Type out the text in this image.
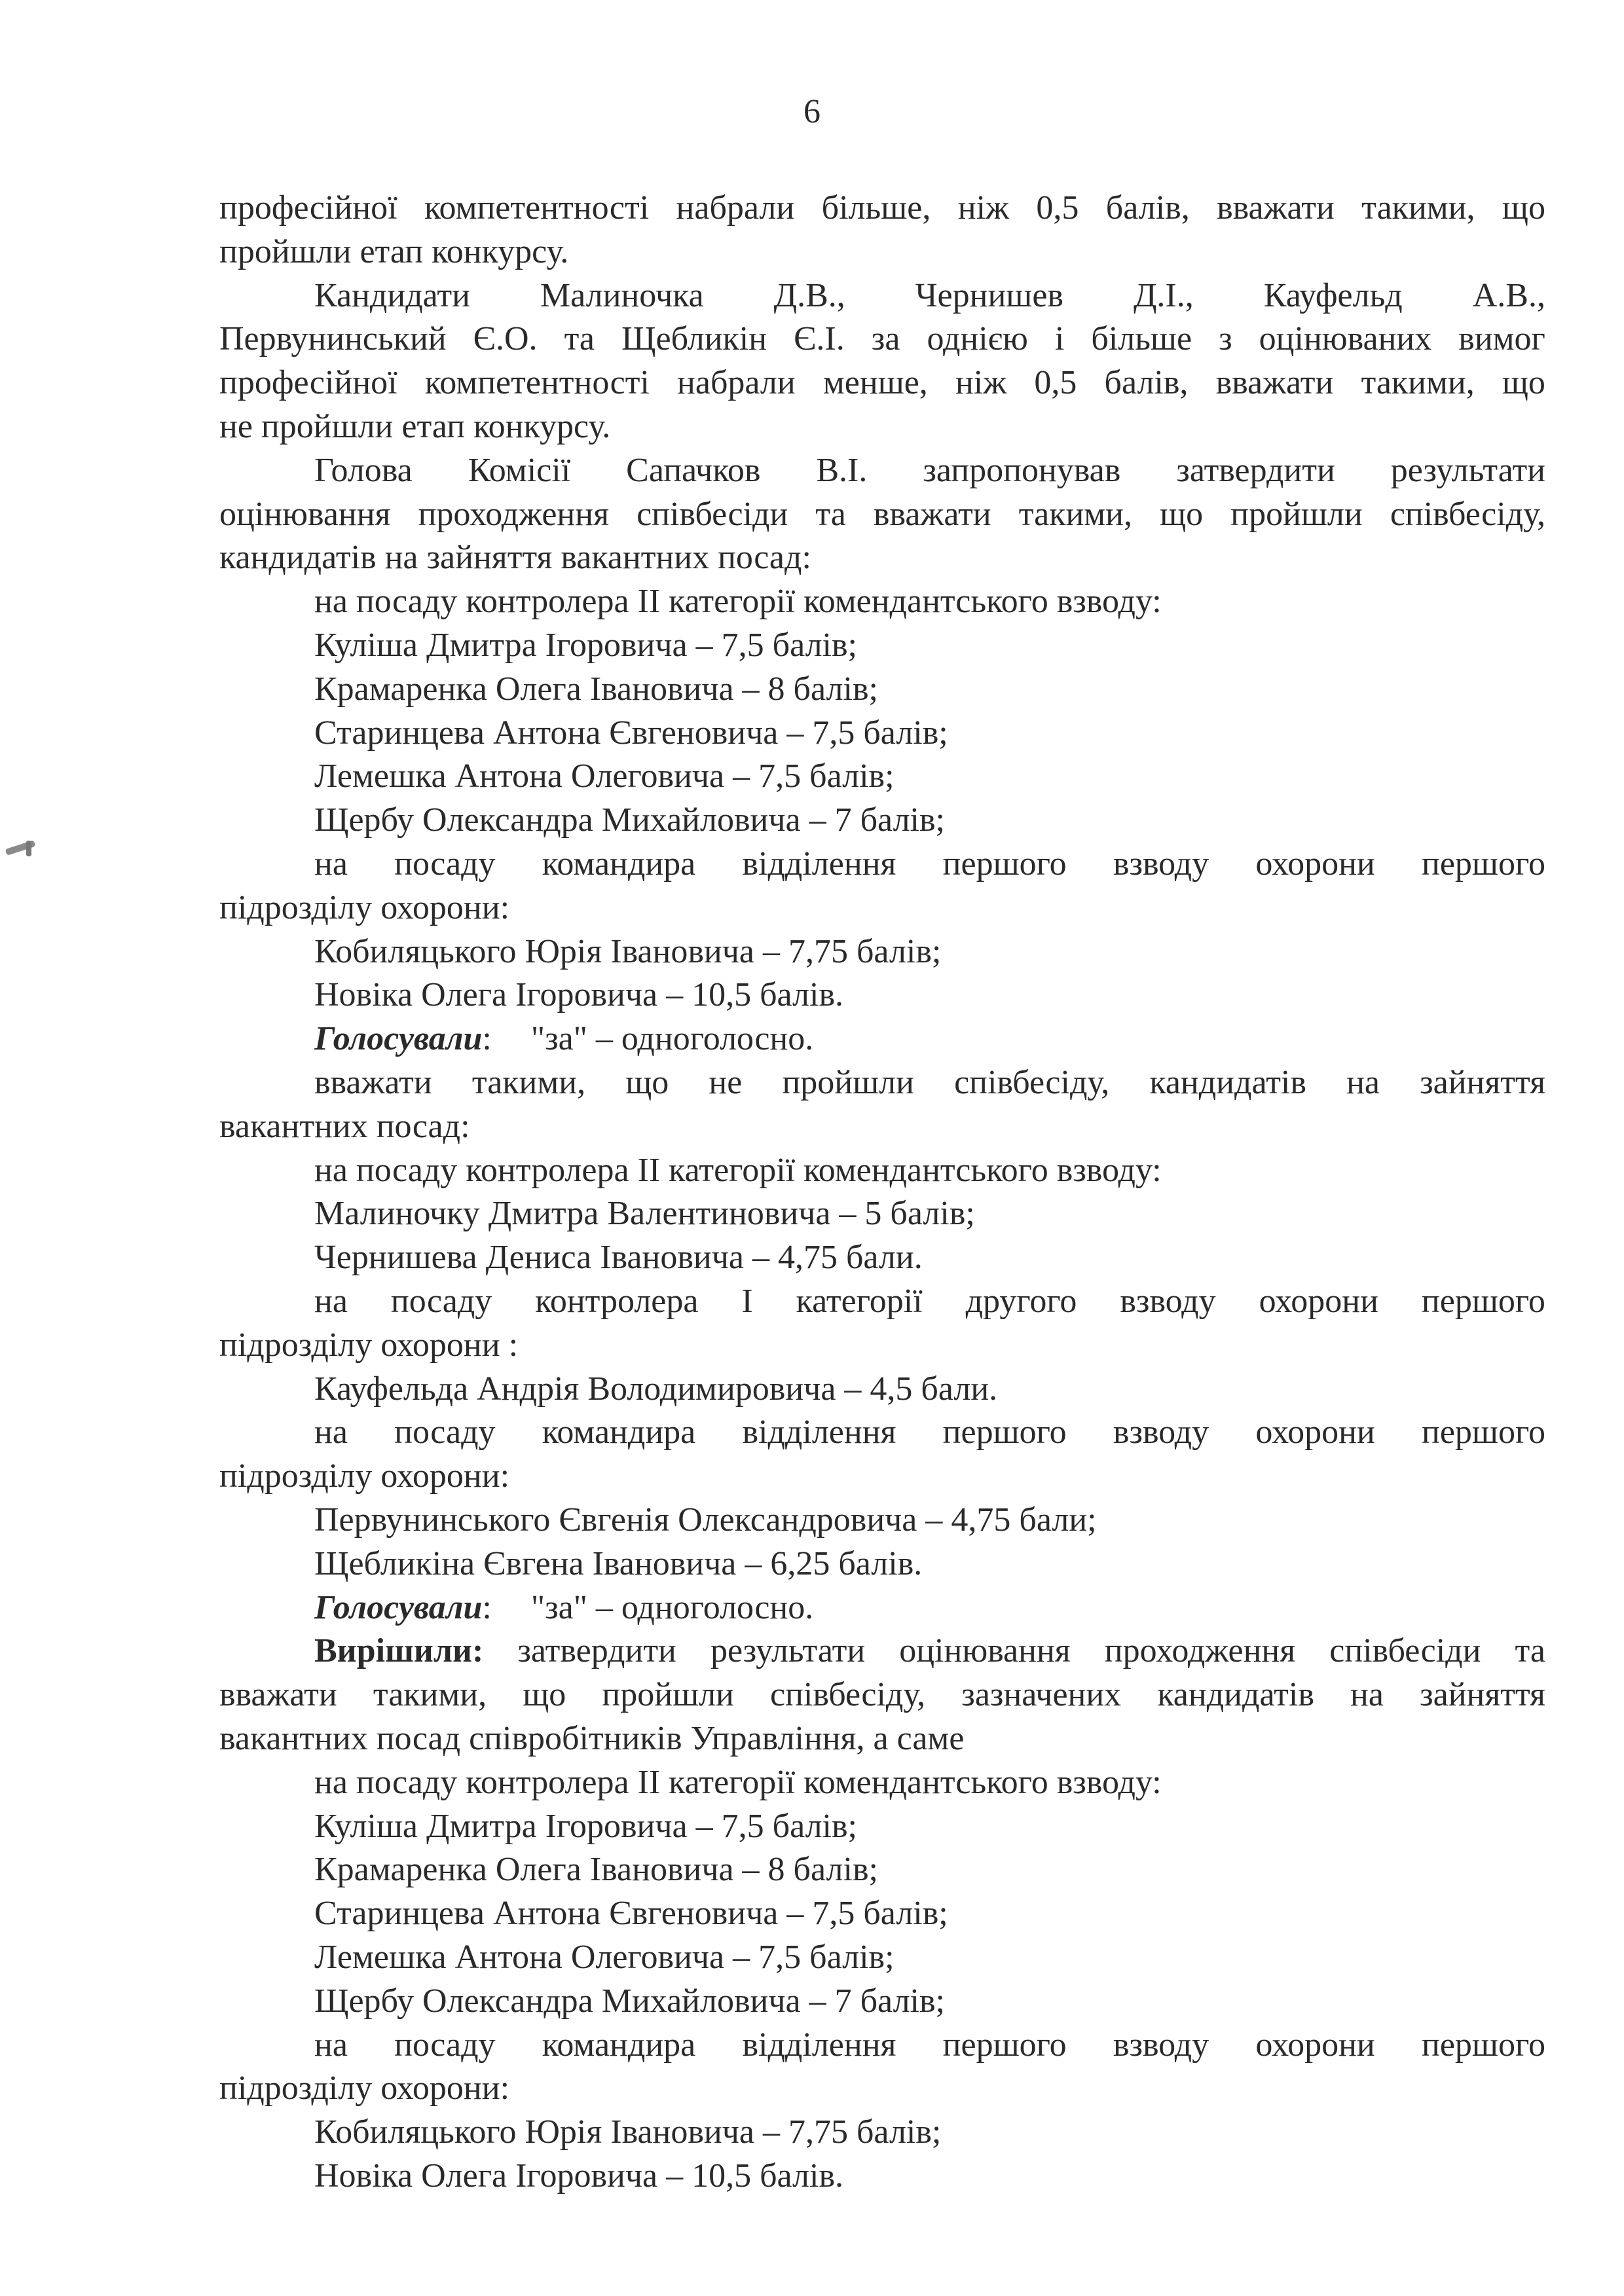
6
професійної компетентності набрали більше, ніж 0,5 балів, вважати такими, що
пройшли етап конкурсу.
Кандидати Малиночка Д.В., Чернишев Д.І., Кауфельд А.В.,
Первунинський Є.О. та Щебликін Є.І. за однією і більше з оцінюваних вимог
професійної компетентності набрали менше, ніж 0,5 балів, вважати такими, що
не пройшли етап конкурсу.
Голова Комісії Сапачков В.І. запропонував затвердити результати
оцінювання проходження співбесіди та вважати такими, що пройшли співбесіду,
кандидатів на зайняття вакантних посад:
на посаду контролера ІІ категорії комендантського взводу:
Куліша Дмитра Ігоровича – 7,5 балів;
Крамаренка Олега Івановича – 8 балів;
Старинцева Антона Євгеновича – 7,5 балів;
Лемешка Антона Олеговича – 7,5 балів;
Щербу Олександра Михайловича – 7 балів;
на посаду командира відділення першого взводу охорони першого
підрозділу охорони:
Кобиляцького Юрія Івановича – 7,75 балів;
Новіка Олега Ігоровича – 10,5 балів.
Голосували: "за" – одноголосно.
вважати такими, що не пройшли співбесіду, кандидатів на зайняття
вакантних посад:
на посаду контролера ІІ категорії комендантського взводу:
Малиночку Дмитра Валентиновича – 5 балів;
Чернишева Дениса Івановича – 4,75 бали.
на посаду контролера І категорії другого взводу охорони першого
підрозділу охорони :
Кауфельда Андрія Володимировича – 4,5 бали.
на посаду командира відділення першого взводу охорони першого
підрозділу охорони:
Первунинського Євгенія Олександровича – 4,75 бали;
Щебликіна Євгена Івановича – 6,25 балів.
Голосували: "за" – одноголосно.
Вирішили: затвердити результати оцінювання проходження співбесіди та
вважати такими, що пройшли співбесіду, зазначених кандидатів на зайняття
вакантних посад співробітників Управління, а саме
на посаду контролера ІІ категорії комендантського взводу:
Куліша Дмитра Ігоровича – 7,5 балів;
Крамаренка Олега Івановича – 8 балів;
Старинцева Антона Євгеновича – 7,5 балів;
Лемешка Антона Олеговича – 7,5 балів;
Щербу Олександра Михайловича – 7 балів;
на посаду командира відділення першого взводу охорони першого
підрозділу охорони:
Кобиляцького Юрія Івановича – 7,75 балів;
Новіка Олега Ігоровича – 10,5 балів.
